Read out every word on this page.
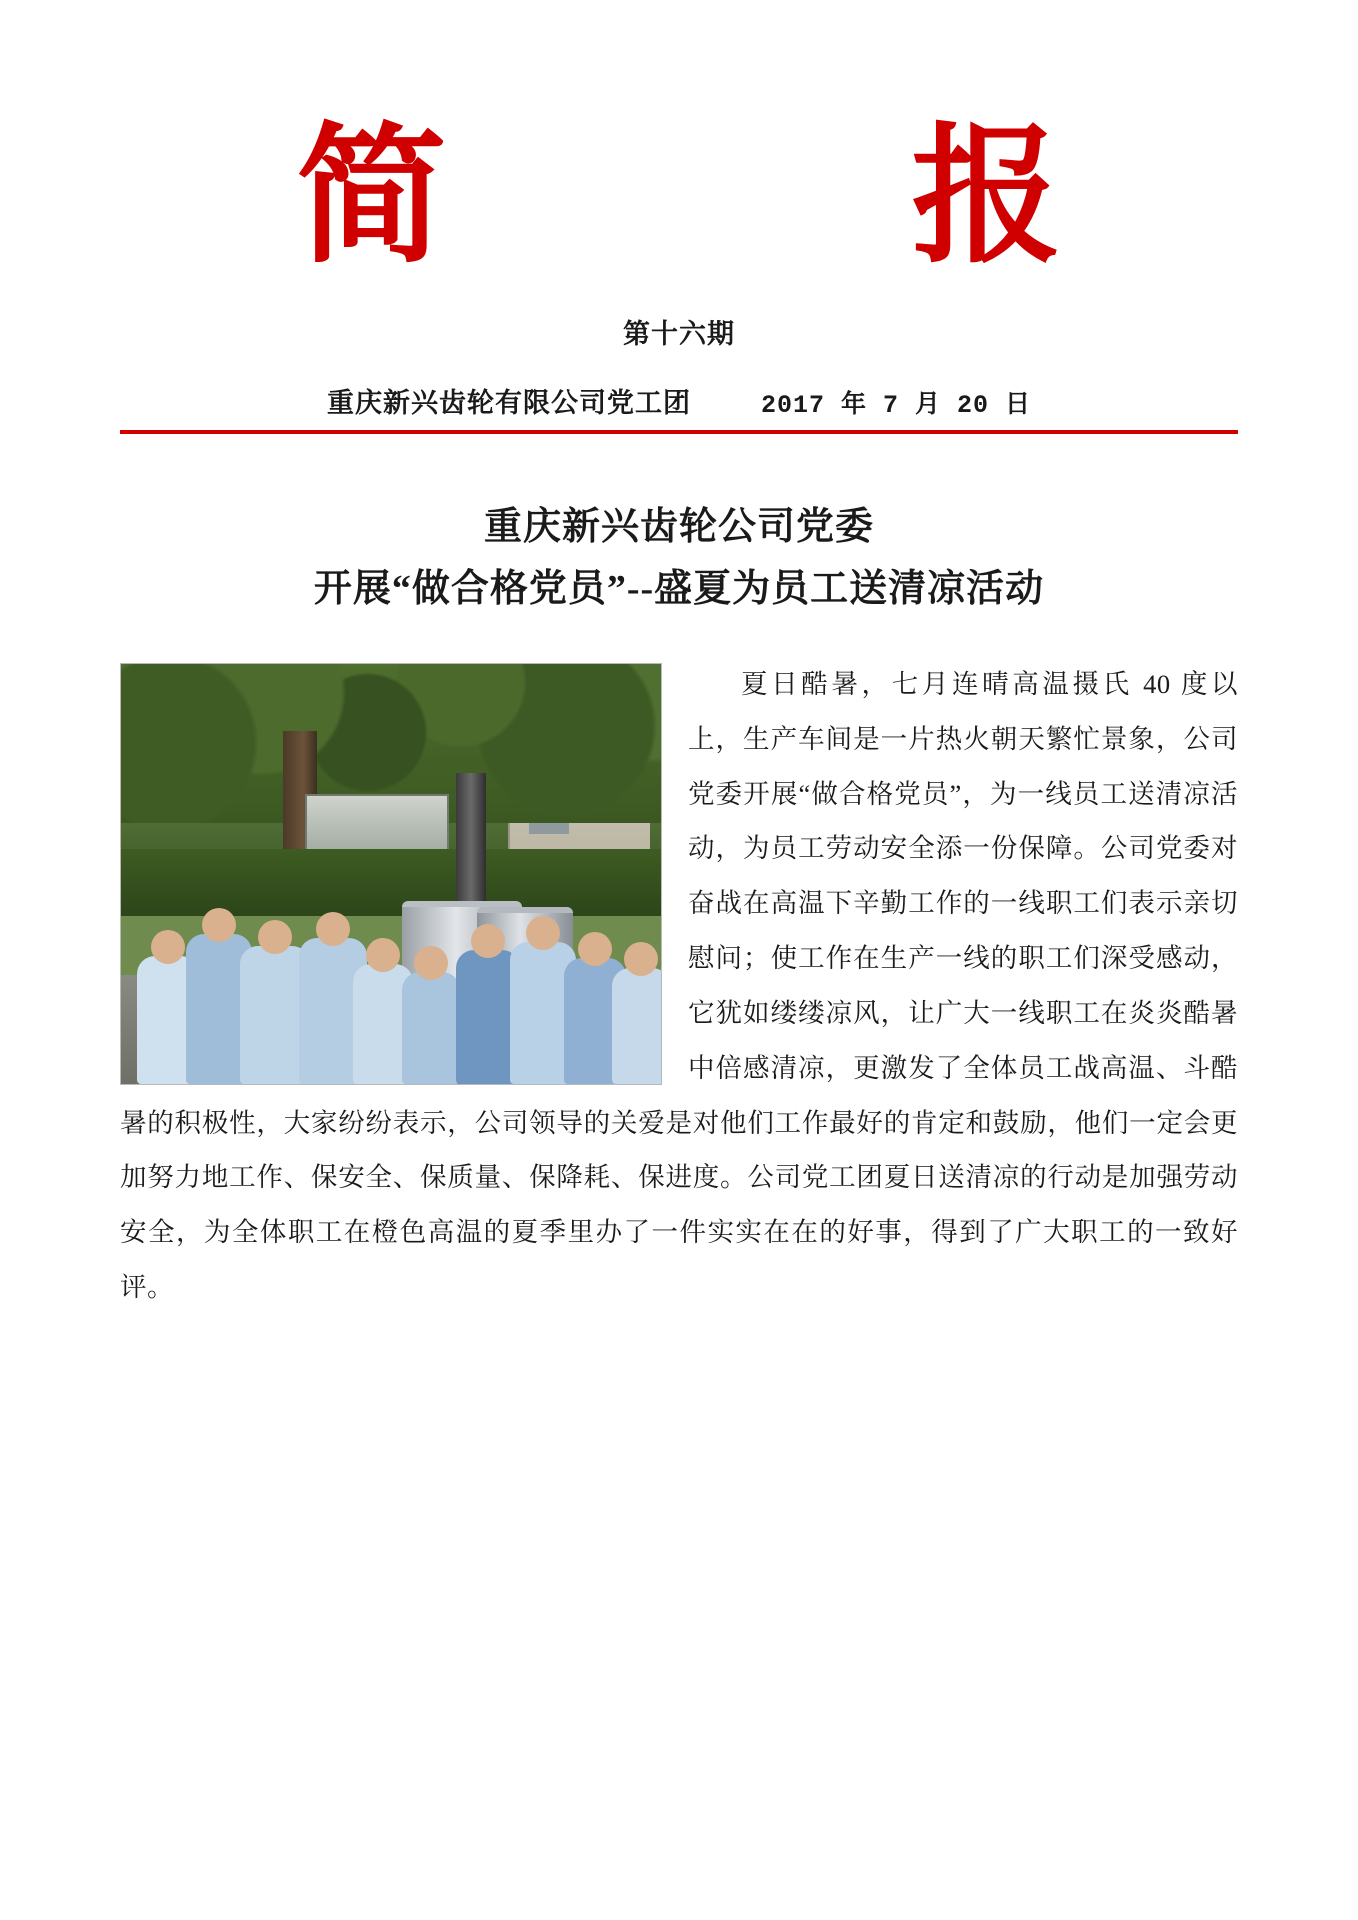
简    报
第十六期
重庆新兴齿轮有限公司党工团	2017 年 7 月 20 日
重庆新兴齿轮公司党委
开展“做合格党员”--盛夏为员工送清凉活动

夏日酷暑，七月连晴高温摄氏 40 度以上，生产车间是一片热火朝天繁忙景象，公司党委开展“做合格党员”，为一线员工送清凉活动，为员工劳动安全添一份保障。公司党委对奋战在高温下辛勤工作的一线职工们表示亲切慰问；使工作在生产一线的职工们深受感动，它犹如缕缕凉风，让广大一线职工在炎炎酷暑中倍感清凉，更激发了全体员工战高温、斗酷暑的积极性，大家纷纷表示，公司领导的关爱是对他们工作最好的肯定和鼓励，他们一定会更加努力地工作、保安全、保质量、保降耗、保进度。公司党工团夏日送清凉的行动是加强劳动安全，为全体职工在橙色高温的夏季里办了一件实实在在的好事，得到了广大职工的一致好评。
